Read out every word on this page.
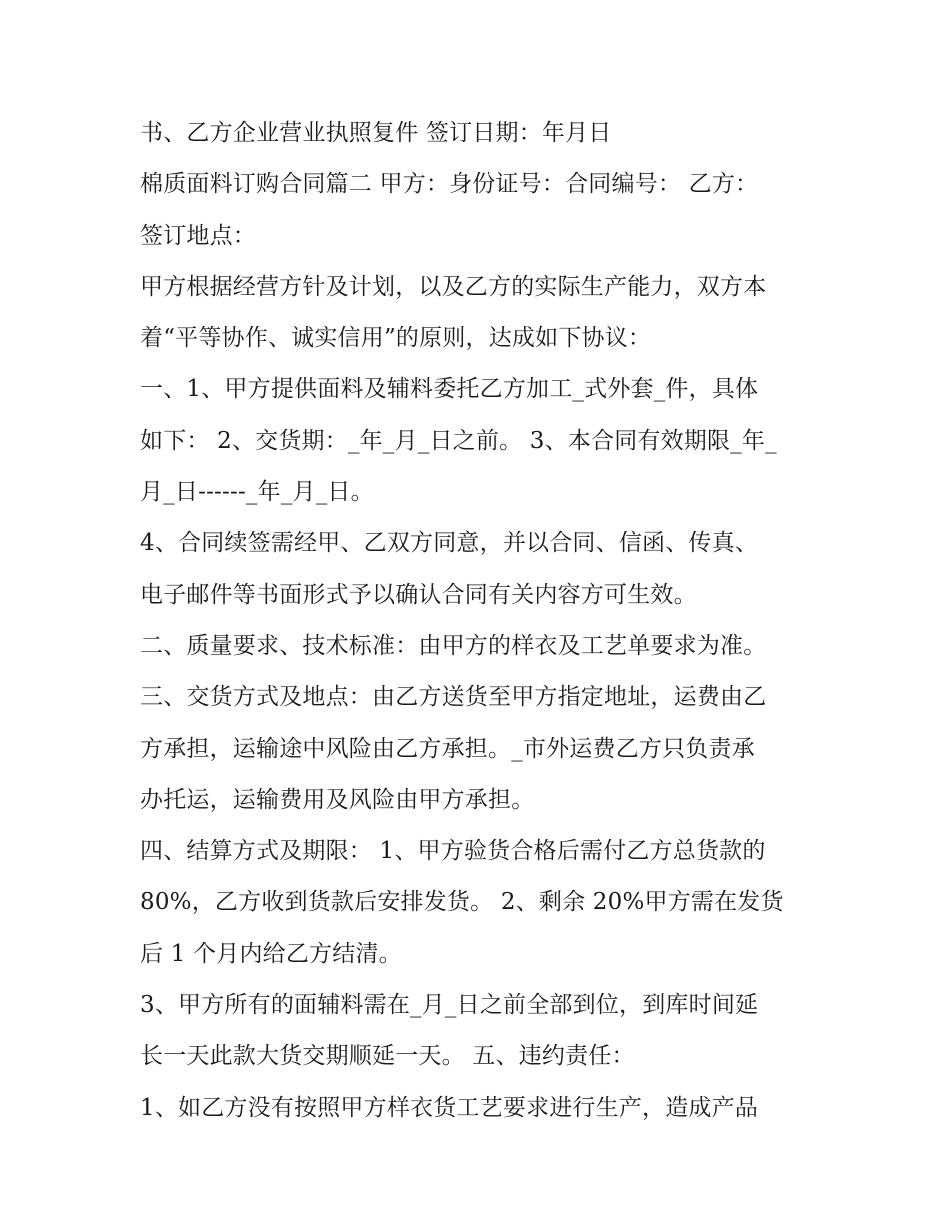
书、乙方企业营业执照复件 签订日期：年月日
棉质面料订购合同篇二 甲方：身份证号：合同编号： 乙方：
签订地点：
甲方根据经营方针及计划，以及乙方的实际生产能力，双方本
着“平等协作、诚实信用”的原则，达成如下协议：
一、1、甲方提供面料及辅料委托乙方加工_式外套_件，具体
如下： 2、交货期：_年_月_日之前。 3、本合同有效期限_年_
月_日------_年_月_日。
4、合同续签需经甲、乙双方同意，并以合同、信函、传真、
电子邮件等书面形式予以确认合同有关内容方可生效。
二、质量要求、技术标准：由甲方的样衣及工艺单要求为准。
三、交货方式及地点：由乙方送货至甲方指定地址，运费由乙
方承担，运输途中风险由乙方承担。_市外运费乙方只负责承
办托运，运输费用及风险由甲方承担。
四、结算方式及期限： 1、甲方验货合格后需付乙方总货款的
80%，乙方收到货款后安排发货。 2、剩余 20%甲方需在发货
后 1 个月内给乙方结清。
3、甲方所有的面辅料需在_月_日之前全部到位，到库时间延
长一天此款大货交期顺延一天。 五、违约责任：
1、如乙方没有按照甲方样衣货工艺要求进行生产，造成产品
